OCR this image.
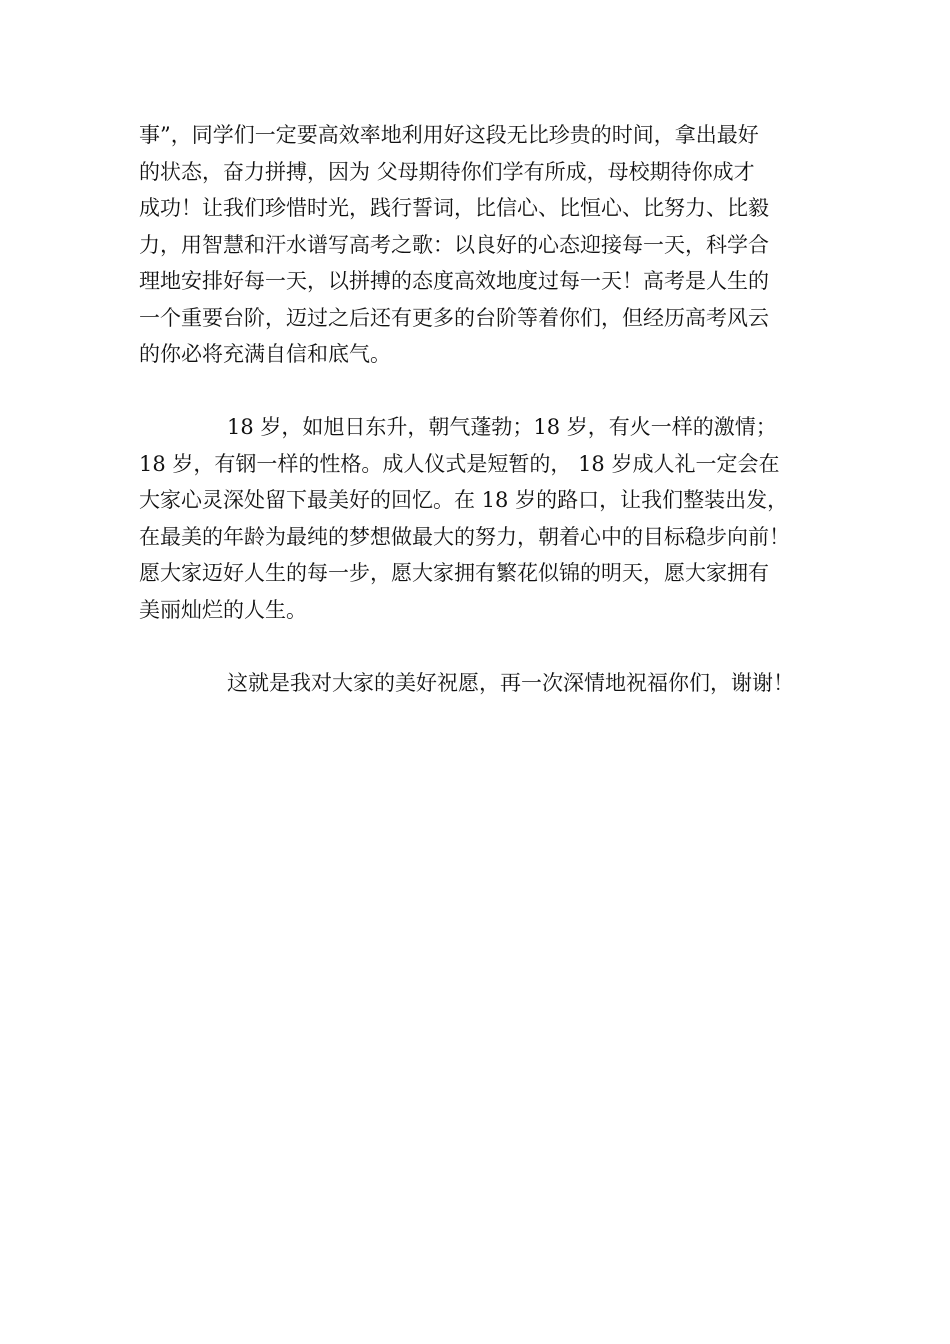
事”，同学们一定要高效率地利用好这段无比珍贵的时间，拿出最好
的状态，奋力拼搏，因为 父母期待你们学有所成，母校期待你成才
成功！让我们珍惜时光，践行誓词，比信心、比恒心、比努力、比毅
力，用智慧和汗水谱写高考之歌：以良好的心态迎接每一天，科学合
理地安排好每一天，以拼搏的态度高效地度过每一天！高考是人生的
一个重要台阶，迈过之后还有更多的台阶等着你们，但经历高考风云
的你必将充满自信和底气。
18 岁，如旭日东升，朝气蓬勃；18 岁，有火一样的激情；
18 岁，有钢一样的性格。成人仪式是短暂的， 18 岁成人礼一定会在
大家心灵深处留下最美好的回忆。在 18 岁的路口，让我们整装出发，
在最美的年龄为最纯的梦想做最大的努力，朝着心中的目标稳步向前！
愿大家迈好人生的每一步，愿大家拥有繁花似锦的明天，愿大家拥有
美丽灿烂的人生。
这就是我对大家的美好祝愿，再一次深情地祝福你们，谢谢！
